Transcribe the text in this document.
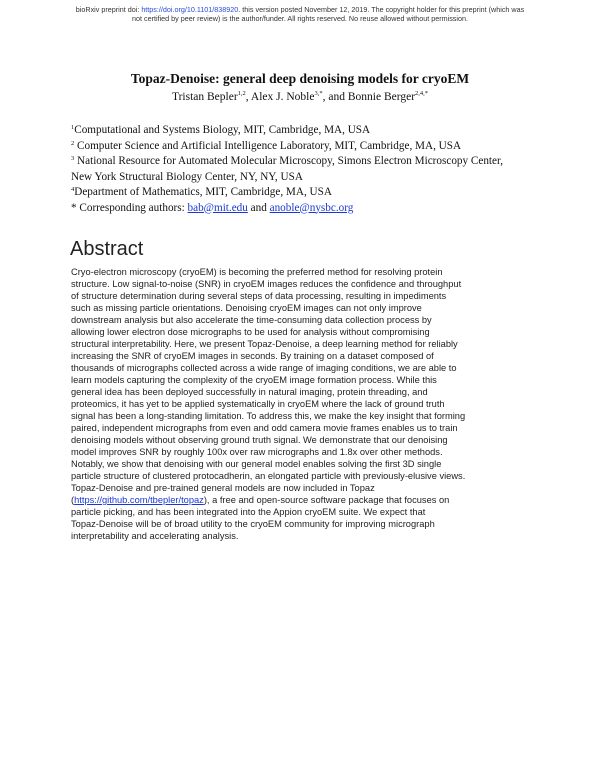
bioRxiv preprint doi: https://doi.org/10.1101/838920. this version posted November 12, 2019. The copyright holder for this preprint (which was
not certified by peer review) is the author/funder. All rights reserved. No reuse allowed without permission.
Topaz-Denoise: general deep denoising models for cryoEM
Tristan Bepler$^{1,2}$, Alex J. Noble$^{3,*}$, and Bonnie Berger$^{2,4,*}$
$^1$Computational and Systems Biology, MIT, Cambridge, MA, USA
$^2$ Computer Science and Artificial Intelligence Laboratory, MIT, Cambridge, MA, USA
$^3$ National Resource for Automated Molecular Microscopy, Simons Electron Microscopy Center,
New York Structural Biology Center, NY, NY, USA
$^4$Department of Mathematics, MIT, Cambridge, MA, USA
* Corresponding authors: bab@mit.edu and anoble@nysbc.org
Abstract
Cryo-electron microscopy (cryoEM) is becoming the preferred method for resolving protein
structure. Low signal-to-noise (SNR) in cryoEM images reduces the confidence and throughput
of structure determination during several steps of data processing, resulting in impediments
such as missing particle orientations. Denoising cryoEM images can not only improve
downstream analysis but also accelerate the time-consuming data collection process by
allowing lower electron dose micrographs to be used for analysis without compromising
structural interpretability. Here, we present Topaz-Denoise, a deep learning method for reliably
increasing the SNR of cryoEM images in seconds. By training on a dataset composed of
thousands of micrographs collected across a wide range of imaging conditions, we are able to
learn models capturing the complexity of the cryoEM image formation process. While this
general idea has been deployed successfully in natural imaging, protein threading, and
proteomics, it has yet to be applied systematically in cryoEM where the lack of ground truth
signal has been a long-standing limitation. To address this, we make the key insight that forming
paired, independent micrographs from even and odd camera movie frames enables us to train
denoising models without observing ground truth signal. We demonstrate that our denoising
model improves SNR by roughly 100x over raw micrographs and 1.8x over other methods.
Notably, we show that denoising with our general model enables solving the first 3D single
particle structure of clustered protocadherin, an elongated particle with previously-elusive views.
Topaz-Denoise and pre-trained general models are now included in Topaz
(https://github.com/tbepler/topaz), a free and open-source software package that focuses on
particle picking, and has been integrated into the Appion cryoEM suite. We expect that
Topaz-Denoise will be of broad utility to the cryoEM community for improving micrograph
interpretability and accelerating analysis.
